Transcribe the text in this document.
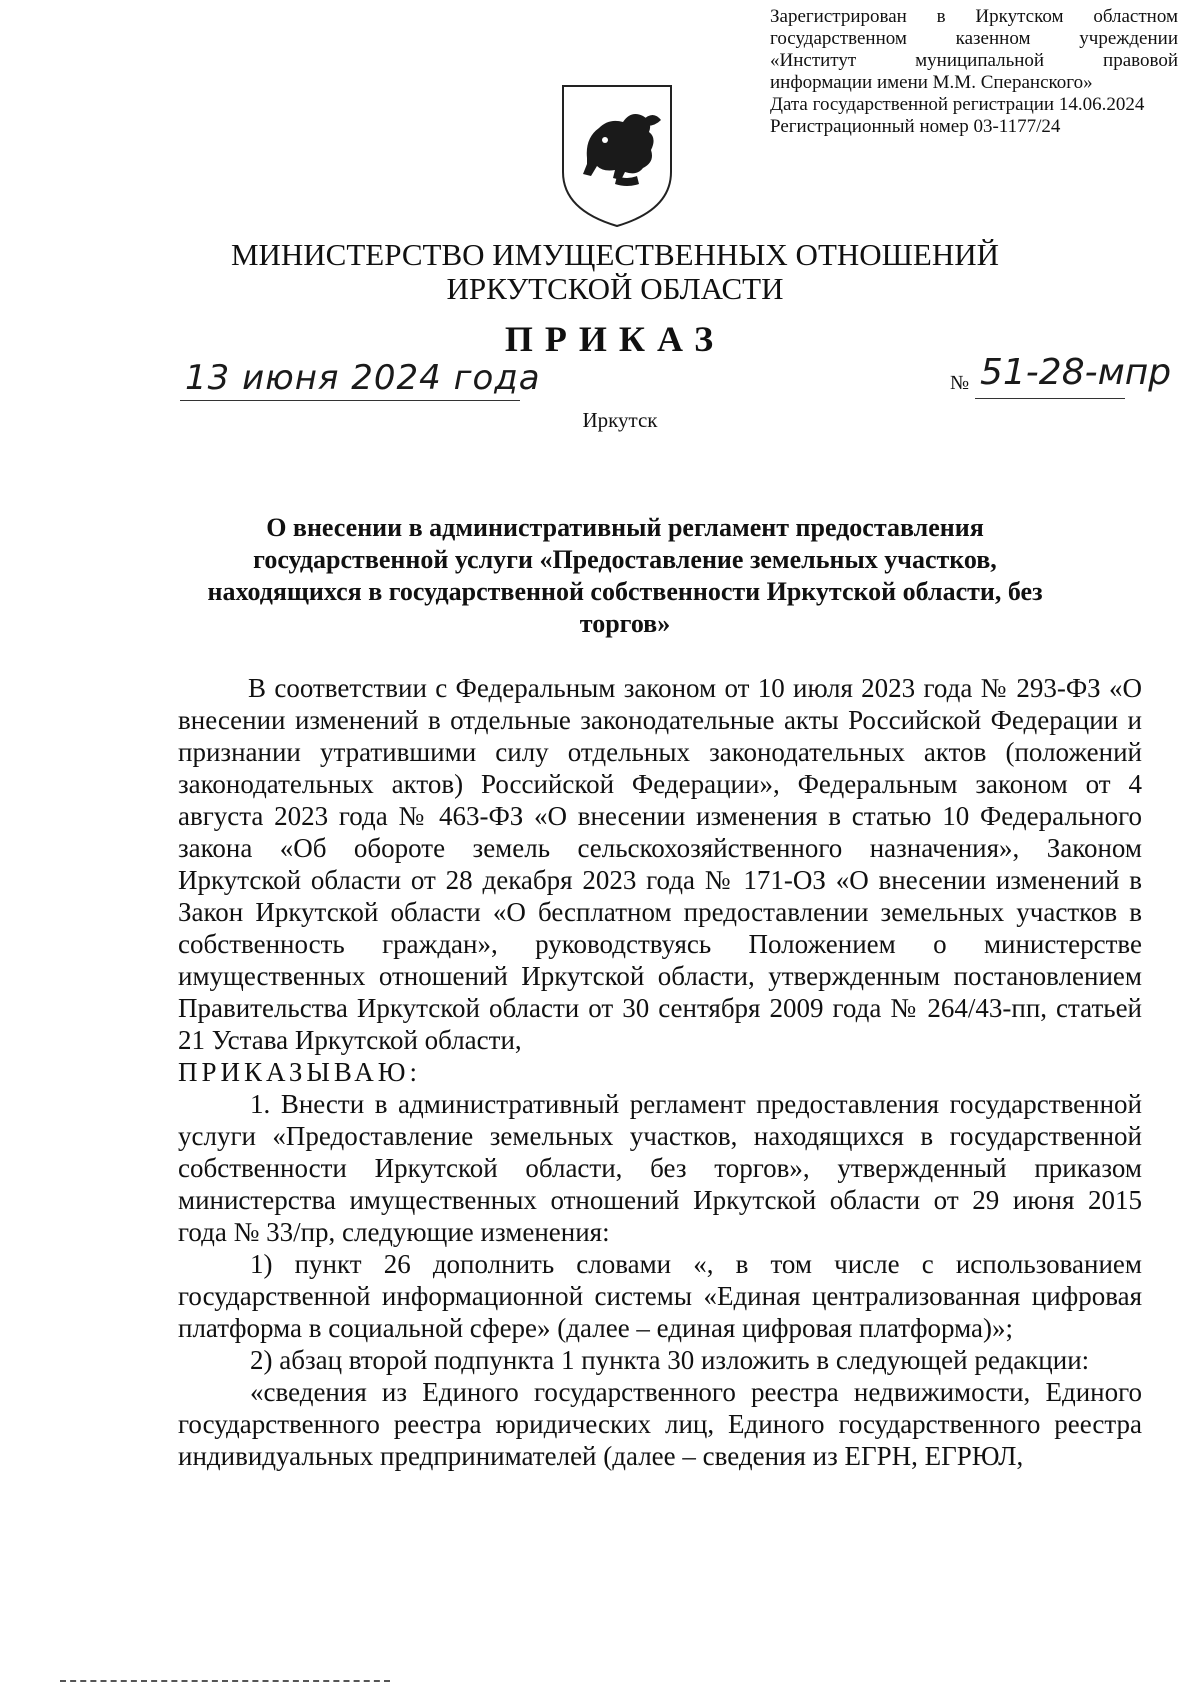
Зарегистрирован в Иркутском областном
государственном казенном учреждении
«Институт муниципальной правовой
информации имени М.М. Сперанского»
Дата государственной регистрации 14.06.2024
Регистрационный номер 03-1177/24
МИНИСТЕРСТВО ИМУЩЕСТВЕННЫХ ОТНОШЕНИЙ
ИРКУТСКОЙ ОБЛАСТИ
ПРИКАЗ
13 июня 2024 года	№ 51-28-мпр
Иркутск
О внесении в административный регламент предоставления
государственной услуги «Предоставление земельных участков,
находящихся в государственной собственности Иркутской области, без
торгов»

В соответствии с Федеральным законом от 10 июля 2023 года № 293-ФЗ «О внесении изменений в отдельные законодательные акты Российской Федерации и признании утратившими силу отдельных законодательных актов (положений законодательных актов) Российской Федерации», Федеральным законом от 4 августа 2023 года № 463-ФЗ «О внесении изменения в статью 10 Федерального закона «Об обороте земель сельскохозяйственного назначения», Законом Иркутской области от 28 декабря 2023 года № 171-ОЗ «О внесении изменений в Закон Иркутской области «О бесплатном предоставлении земельных участков в собственность граждан», руководствуясь Положением о министерстве имущественных отношений Иркутской области, утвержденным постановлением Правительства Иркутской области от 30 сентября 2009 года № 264/43-пп, статьей 21 Устава Иркутской области,

ПРИКАЗЫВАЮ:

1. Внести в административный регламент предоставления государственной услуги «Предоставление земельных участков, находящихся в государственной собственности Иркутской области, без торгов», утвержденный приказом министерства имущественных отношений Иркутской области от 29 июня 2015 года № 33/пр, следующие изменения:

1) пункт 26 дополнить словами «, в том числе с использованием государственной информационной системы «Единая централизованная цифровая платформа в социальной сфере» (далее – единая цифровая платформа)»;

2) абзац второй подпункта 1 пункта 30 изложить в следующей редакции:

«сведения из Единого государственного реестра недвижимости, Единого государственного реестра юридических лиц, Единого государственного реестра индивидуальных предпринимателей (далее – сведения из ЕГРН, ЕГРЮЛ,
